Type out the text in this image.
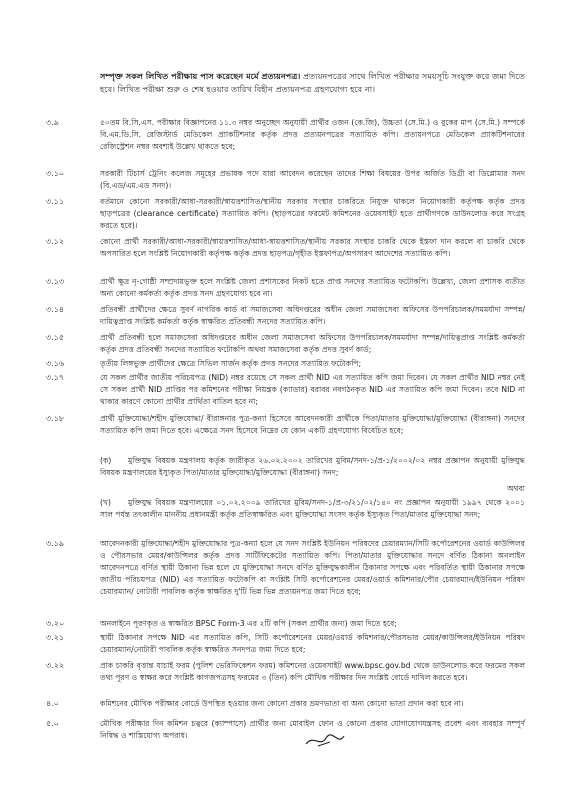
সম্পৃক্ত সকল লিখিত পরীক্ষায় পাস করেছেন মর্মে প্রত্যয়নপত্র। প্রত্যয়নপত্রের সাথে লিখিত পরীক্ষার সময়সূচি সংযুক্ত করে জমা দিতে হবে। লিখিত পরীক্ষা শুরু ও শেষ হওয়ার তারিখ বিহীন প্রত্যয়নপত্র গ্রহণযোগ্য হবে না।
৩.৯	৫০তম বি.সি.এস. পরীক্ষার বিজ্ঞাপনের ১১.৩ নম্বর অনুচ্ছেদ অনুযায়ী প্রার্থীর ওজন (কে.জি), উচ্চতা (সে.মি.) ও বুকের মাপ (সে.মি.) সম্পর্কে বি.এম.ডি.সি. রেজিস্টার্ড মেডিকেল প্র্যাকটিশনার কর্তৃক প্রদত্ত প্রত্যয়নপত্রের সত্যায়িত কপি। প্রত্যয়নপত্রে মেডিকেল প্র্যাকটিশনারের রেজিস্ট্রেশন নম্বর অবশ্যই উল্লেখ থাকতে হবে;
৩.১০	সরকারী টিচার্স ট্রেনিং কলেজ সমূহের প্রভাষক পদে যারা আবেদন করেছেন তাদের শিক্ষা বিষয়ের উপর অর্জিত ডিগ্রী বা ডিপ্লোমার সনদ (বি.এড/এম.এড সনদ)।
৩.১১	বর্তমানে কোনো সরকারী/আধা-সরকারী/স্বায়ত্তশাসিত/স্থানীয় সরকার সংস্থার চাকরিতে নিযুক্ত থাকলে নিয়োগকারী কর্তৃপক্ষ কর্তৃক প্রদত্ত ছাড়পত্রের (clearance certificate) সত্যায়িত কপি। (ছাড়পত্রের ফরমেট কমিশনের ওয়েবসাইট হতে প্রার্থীগণকে ডাউনলোড করে সংগ্রহ করতে হবে)।
৩.১২	কোনো প্রার্থী সরকারী/আধা-সরকারী/স্বায়ত্তশাসিত/আধা-স্বায়ত্তশাসিত/স্থানীয় সরকার সংস্থার চাকরি থেকে ইস্তফা দান করলে বা চাকরি থেকে অপসারিত হলে সংশ্লিষ্ট নিয়োগকারী কর্তৃপক্ষ কর্তৃক প্রদত্ত ছাড়পত্র/গৃহীত ইস্তফাপত্র/অপসারণ আদেশের সত্যায়িত কপি।
৩.১৩	প্রার্থী ক্ষুদ্র নৃ-গোষ্ঠী সম্প্রদায়ভুক্ত হলে সংশ্লিষ্ট জেলা প্রশাসকের নিকট হতে প্রাপ্ত সনদের সত্যায়িত ফটোকপি। উল্লেখ্য, জেলা প্রশাসক ব্যতীত অন্য কোনো কর্মকর্তা কর্তৃক প্রদত্ত সনদ গ্রহণযোগ্য হবে না।
৩.১৪	প্রতিবন্ধী প্রার্থীদের ক্ষেত্রে সুবর্ণ নাগরিক কার্ড বা সমাজসেবা অধিদপ্তরের অধীন জেলা সমাজসেবা অফিসের উপপরিচালক/সমমর্যাদা সম্পন্ন/দায়িত্বপ্রাপ্ত সংশ্লিষ্ট কর্মকর্তা কর্তৃক স্বাক্ষরিত প্রতিবন্ধী সনদের সত্যায়িত কপি।
৩.১৫	প্রার্থী প্রতিবন্ধী হলে সমাজসেবা অধিদপ্তরের অধীন জেলা সমাজসেবা অফিসের উপপরিচালক/সমমর্যাদা সম্পন্ন/দায়িত্বপ্রাপ্ত সংশ্লিষ্ট কর্মকর্তা কর্তৃক প্রদত্ত প্রতিবন্ধী সনদের সত্যায়িত ফটোকপি অথবা সমাজসেবা কর্তৃক প্রদত্ত সুবর্ণ কার্ড;
৩.১৬	তৃতীয় লিঙ্গভুক্ত প্রার্থীদের ক্ষেত্রে সিভিল সার্জন কর্তৃক প্রদত্ত সনদের সত্যায়িত ফটোকপি;
৩.১৭	যে সকল প্রার্থীর জাতীয় পরিচয়পত্র (NID) নম্বর রয়েছে সে সকল প্রার্থী NID এর সত্যায়িত কপি জমা দিবেন। যে সকল প্রার্থীর NID নম্বর নেই সে সকল প্রার্থী NID প্রাপ্তির পর কমিশনের পরীক্ষা নিয়ন্ত্রক (ক্যাডার) বরাবর নবগঠনকৃত NID এর সত্যায়িত কপি জমা দিবেন। তবে NID না থাকার কারণে কোনো প্রার্থীর প্রার্থিতা বাতিল হবে না;
৩.১৮	প্রার্থী মুক্তিযোদ্ধা/শহীদ মুক্তিযোদ্ধা/ বীরাঙ্গনার পুত্র-কন্যা হিসেবে আবেদনকারী প্রার্থীকে পিতা/মাতার মুক্তিযোদ্ধা/মুক্তিযোদ্ধা (বীরাঙ্গনা) সনদের সত্যায়িত কপি জমা দিতে হবে। এক্ষেত্রে সনদ হিসেবে নিম্নের যে কোন একটি গ্রহণযোগ্য বিবেচিত হবে;
(ক) মুক্তিযুদ্ধ বিষয়ক মন্ত্রণালয় কর্তৃক জারীকৃত ২৬.০২.২০০২ তারিখের মুবিম/সনদ-১/প্র-১/২০০২/০২ নম্বর প্রজ্ঞাপন অনুযায়ী মুক্তিযুদ্ধ বিষয়ক মন্ত্রণালয়ের ইস্যুকৃত পিতা/মাতার মুক্তিযোদ্ধা/মুক্তিযোদ্ধা (বীরাঙ্গনা) সনদ;
অথবা
(খ) মুক্তিযুদ্ধ বিষয়ক মন্ত্রণালয়ের ০১.০২.২০০৯ তারিখের মুবিম/সনদ-১/প্র-৩/২১/০২/১৪০ নং প্রজ্ঞাপন অনুযায়ী ১৯৯৭ থেকে ২০০১ সাল পর্যন্ত তৎকালীন মাননীয় প্রধানমন্ত্রী কর্তৃক প্রতিস্বাক্ষরিত এবং মুক্তিযোদ্ধা সংসদ কর্তৃক ইস্যুকৃত পিতা/মাতার মুক্তিযোদ্ধা সনদ;
৩.১৯	আবেদনকারী মুক্তিযোদ্ধা/শহীদ মুক্তিযোদ্ধার পুত্র-কন্যা হলে যে সনদ সংশ্লিষ্ট ইউনিয়ন পরিষদের চেয়ারম্যান/সিটি কর্পোরেশনের ওয়ার্ড কাউন্সিলর ও পৌরসভার মেয়র/কাউন্সিলর কর্তৃক প্রদত্ত সার্টিফিকেটের সত্যায়িত কপি। পিতা/মাতার মুক্তিযোদ্ধার সনদে বর্ণিত ঠিকানা অনলাইন আবেদনপত্রে বর্ণিত স্থায়ী ঠিকানা ভিন্ন হলে যে মুক্তিযোদ্ধা সনদে বর্ণিত মুক্তিযুদ্ধকালীন ঠিকানার সপক্ষে এবং পরিবর্তিত স্থায়ী ঠিকানার সপক্ষে জাতীয় পরিচয়পত্র (NID) এর সত্যায়িত ফটোকপি বা সংশ্লিষ্ট সিটি কর্পোরেশনের মেয়র/ওয়ার্ড কমিশনার/পৌর চেয়ারম্যান/ইউনিয়ন পরিষদ চেয়ারম্যান/ নোটারী পাবলিক কর্তৃক স্বাক্ষরিত দু'টি ভিন্ন ভিন্ন প্রত্যয়নপত্র জমা দিতে হবে;
৩.২০	অনলাইনে পূরণকৃত ও স্বাক্ষরিত BPSC Form-3 এর ২টি কপি (সকল প্রার্থীর জন্য) জমা দিতে হবে;
৩.২১	স্থায়ী ঠিকানার সপক্ষে NID এর সত্যায়িত কপি, সিটি কর্পোরেশনের মেয়র/ওয়ার্ড কমিশনার/পৌরসভার মেয়র/কাউন্সিলর/ইউনিয়ন পরিষদ চেয়ারম্যান/নোটারী পাবলিক কর্তৃক স্বাক্ষরিত সনদপত্র জমা দিতে হবে;
৩.২২	প্রাক চাকরি বৃত্তান্ত যাচাই ফরম (পুলিশ ভেরিফিকেশন ফরম) কমিশনের ওয়েবসাইট www.bpsc.gov.bd থেকে ডাউনলোড করে ফরমের সকল তথ্য পূরণ ও স্বাক্ষর করে সংশ্লিষ্ট কাগজপত্রসহ ফরমের ৩ (তিন) কপি মৌখিক পরীক্ষার দিন সংশ্লিষ্ট বোর্ডে দাখিল করতে হবে।
৪.০	কমিশনের মৌখিক পরীক্ষার বোর্ডে উপস্থিত হওয়ার জন্য কোনো প্রকার ভ্রমণভাতা বা অন্য কোনো ভাতা প্রদান করা হবে না।
৫.০	মৌখিক পরীক্ষার দিন কমিশন চত্বরে (ক্যাম্পাসে) প্রার্থীর জন্য মোবাইল ফোন ও কোনো প্রকার যোগাযোগযন্ত্রসহ প্রবেশ এবং ব্যবহার সম্পূর্ণ নিষিদ্ধ ও শাস্তিযোগ্য অপরাধ।
